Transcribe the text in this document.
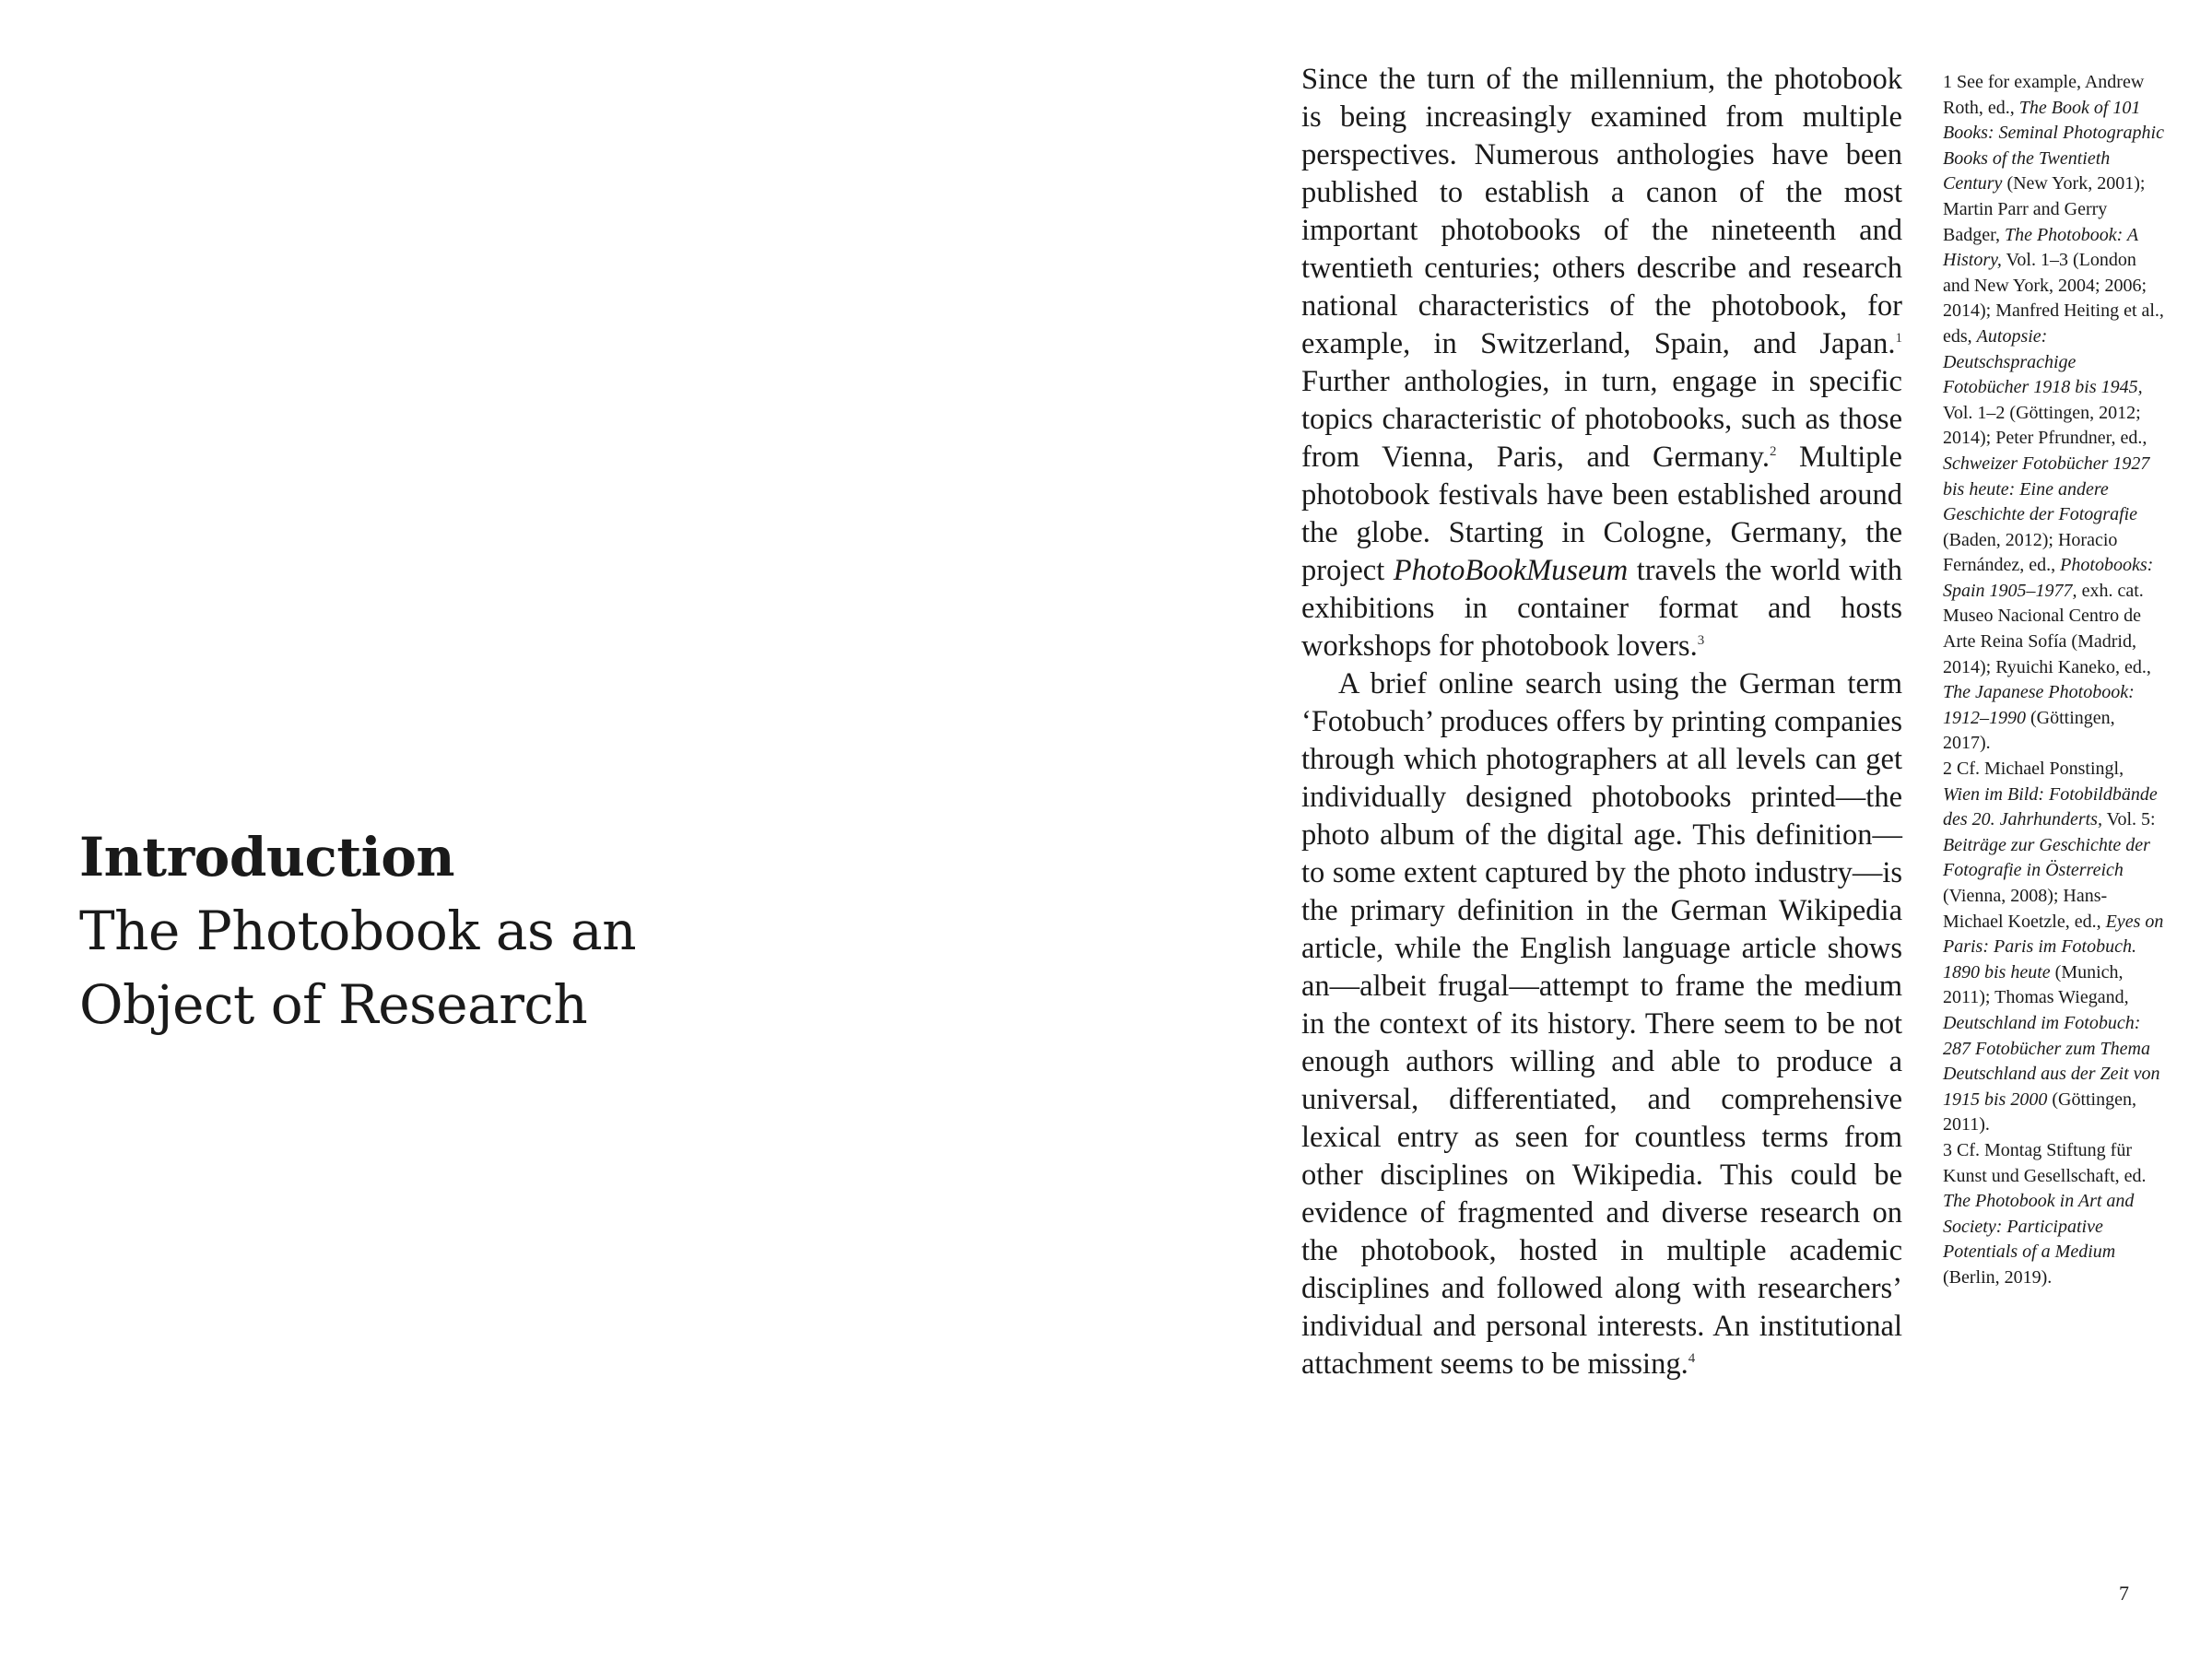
Introduction
The Photobook as an
Object of Research

Since the turn of the millennium, the photobook is being increasingly examined from multiple perspectives. Numerous anthologies have been published to establish a canon of the most important photobooks of the nineteenth and twentieth centuries; others describe and research national characteristics of the photobook, for example, in Switzerland, Spain, and Japan.$^1$ Further anthologies, in turn, engage in specific topics characteristic of photobooks, such as those from Vienna, Paris, and Germany.$^2$ Multiple photobook festivals have been established around the globe. Starting in Cologne, Germany, the project PhotoBookMuseum travels the world with exhibitions in container format and hosts workshops for photobook lovers.$^3$

A brief online search using the German term ‘Fotobuch’ produces offers by printing companies through which photographers at all levels can get individually designed photobooks printed—the photo album of the digital age. This definition—to some extent captured by the photo industry—is the primary definition in the German Wikipedia article, while the English language article shows an—albeit frugal—attempt to frame the medium in the context of its history. There seem to be not enough authors willing and able to produce a universal, differentiated, and comprehensive lexical entry as seen for countless terms from other disciplines on Wikipedia. This could be evidence of fragmented and diverse research on the photobook, hosted in multiple academic disciplines and followed along with researchers’ individual and personal interests. An institutional attachment seems to be missing.$^4$

1 See for example, Andrew Roth, ed., The Book of 101 Books: Seminal Photographic Books of the Twentieth Century (New York, 2001); Martin Parr and Gerry Badger, The Photobook: A History, Vol. 1–3 (London and New York, 2004; 2006; 2014); Manfred Heiting et al., eds, Autopsie: Deutschsprachige Fotobücher 1918 bis 1945, Vol. 1–2 (Göttingen, 2012; 2014); Peter Pfrundner, ed., Schweizer Fotobücher 1927 bis heute: Eine andere Geschichte der Fotografie (Baden, 2012); Horacio Fernández, ed., Photobooks: Spain 1905–1977, exh. cat. Museo Nacional Centro de Arte Reina Sofía (Madrid, 2014); Ryuichi Kaneko, ed., The Japanese Photobook: 1912–1990 (Göttingen, 2017).

2 Cf. Michael Ponstingl, Wien im Bild: Fotobildbände des 20. Jahrhunderts, Vol. 5: Beiträge zur Geschichte der Fotografie in Österreich (Vienna, 2008); Hans-Michael Koetzle, ed., Eyes on Paris: Paris im Fotobuch. 1890 bis heute (Munich, 2011); Thomas Wiegand, Deutschland im Fotobuch: 287 Fotobücher zum Thema Deutschland aus der Zeit von 1915 bis 2000 (Göttingen, 2011).

3 Cf. Montag Stiftung für Kunst und Gesellschaft, ed. The Photobook in Art and Society: Participative Potentials of a Medium (Berlin, 2019).

7
